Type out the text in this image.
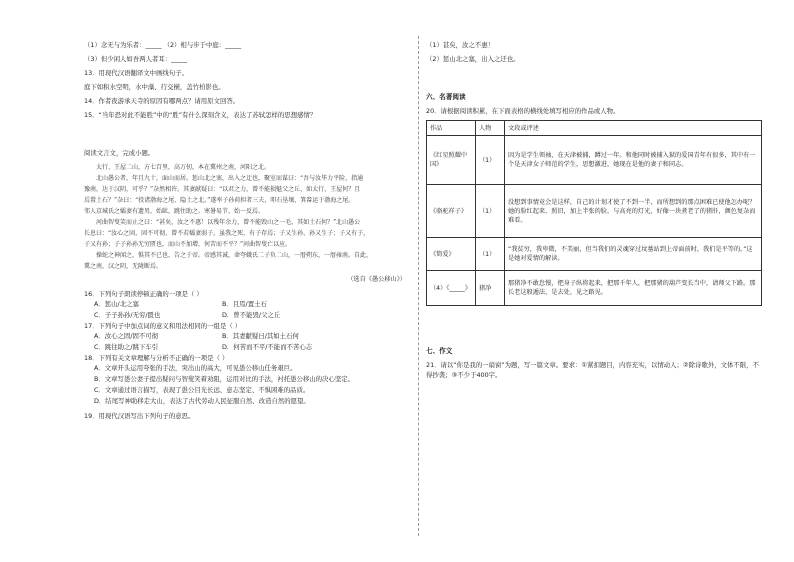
（1）念无与为乐者：_____ （2）相与步于中庭：_____
（3）但少闲人如吾两人者耳：_____
13．用现代汉语翻译文中画线句子。
庭下如积水空明，水中藻、荇交横，盖竹柏影也。
14．作者夜游承天寺的原因有哪两点？请用原文回答。
15．“当年恐对此不能胜”中的“胜”有什么深刻含义，表达了苏轼怎样的思想感情？
阅读文言文，完成小题。
太行、王屋二山，方七百里，高万仞，本在冀州之南，河阳之北。
北山愚公者，年且九十，面山而居。惩山北之塞，出入之迂也，聚室而谋曰：“吾与汝毕力平险，指通
豫南，达于汉阴，可乎？”杂然相许。其妻献疑曰：“以君之力，曾不能损魁父之丘，如太行、王屋何？且
焉置土石？”杂曰：“投诸渤海之尾，隐土之北。”遂率子孙荷担者三夫，叩石垦壤，箕畚运于渤海之尾。
邻人京城氏之孀妻有遗男，始龀，跳往助之。寒暑易节，始一反焉。
河曲智叟笑而止之曰：“甚矣，汝之不惠！以残年余力，曾不能毁山之一毛，其如土石何？”北山愚公
长息曰：“汝心之固，固不可彻，曾不若孀妻弱子。虽我之死，有子存焉；子又生孙，孙又生子；子又有子，
子又有孙；子子孙孙无穷匮也，而山不加增，何苦而不平？”河曲智叟亡以应。
操蛇之神闻之，惧其不已也，告之于帝。帝感其诚，命夸娥氏二子负二山，一厝朔东，一厝雍南。自此，
冀之南，汉之阴，无陇断焉。
（选自《愚公移山》）
16．下列句子朗读停顿正确的一项是（ ）
A．惩山/北之塞	B．且焉/置土石
C．子子孙孙/无穷/匮也	D．曾不能毁/父之丘
17．下列句子中加点词的意义和用法相同的一组是（ ）
A．汝心之固/固不可彻	B．其妻献疑曰/其如土石何
C．跳往助之/跳下车引	D．何苦而不平/不能而不苦心志
18．下列有关文章理解与分析不正确的一项是（ ）
A．文章开头运用夸张的手法，突出山的高大，可见愚公移山任务艰巨。
B．文章写愚公妻子提出疑问与智叟笑着劝阻，运用对比的手法，衬托愚公移山的决心坚定。
C．文章通过语言描写，表现了愚公目光长远、意志坚定、不惧困难的品质。
D．结尾写神助移走大山，表达了古代劳动人民征服自然、改造自然的愿望。
19．用现代汉语写出下列句子的意思。
（1）甚矣，汝之不惠！
（2）惩山北之塞，出入之迂也。
六、名著阅读
20．请根据阅读积累，在下面表格的横线处填写相应的作品或人物。
作品	人物	文段或评述
《红星照耀中国》	（1）	因为是学生领袖，在天津被捕，蹲过一年。和他同时被捕入狱的爱国青年有很多，其中有一个是天津女子师范的学生，思想激进，她现在是他的妻子和同志。
《骆驼祥子》	（1）	没想到事情竟会是这样，自己的计划才使了不到一半，而所想到的那点困难已使他怎办呢？她的脸红起来，照旧，加上半张的脸，与高亮的灯光，好像一块煮老了的猪肝，颜色复杂而难看。
《简爱》	（1）	“我贫穷，我卑微，不美丽，但当我们的灵魂穿过坟墓站到上帝面前时，我们是平等的。”这是她对爱情的解读。
（4）《_____》	猪净	那猪净不敢怠慢，把身子纵将起来，把那千年人，把那猪的葫芦变长当中，请师父下路。那长老这般遁法，是去处，见之路见。
七、作文
21．请以“你是我的一扇窗”为题，写一篇文章。要求：①紧扣题目，内容充实，以情动人；②除诗歌外，文体不限，不得抄袭；③不少于400字。
